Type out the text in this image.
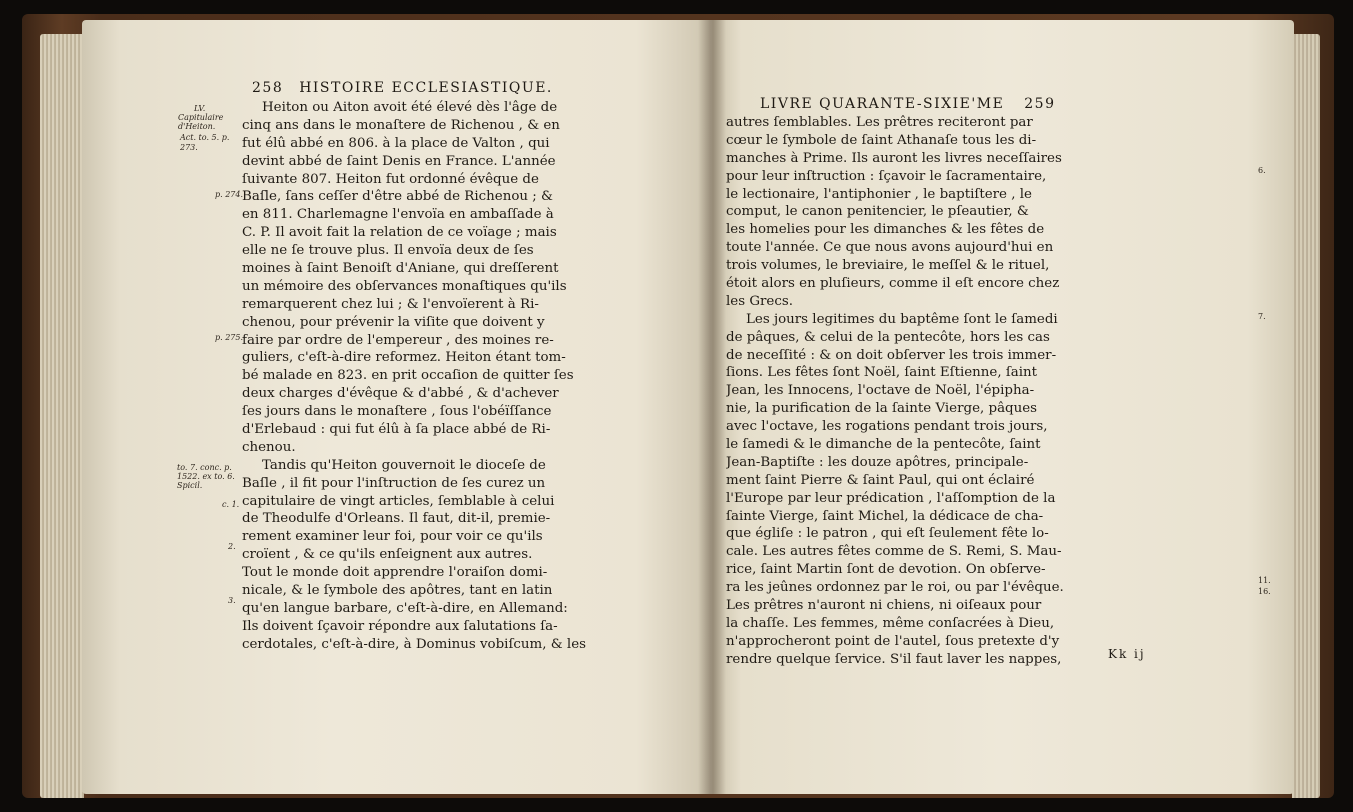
258 HISTOIRE ECCLESIASTIQUE.
LV.
Capitulaire
d'Heiton.
Act. to. 5. p.
273.
p. 274.
p. 275.
to. 7. conc. p.
1522. ex to. 6.
Spicil.
c. 1.
2.
3.
Heiton ou Aiton avoit été élevé dès l'âge de
cinq ans dans le monaſtere de Richenou , & en
fut élû abbé en 806. à la place de Valton , qui
devint abbé de ſaint Denis en France. L'année
ſuivante 807. Heiton fut ordonné évêque de
Baſle, ſans ceſſer d'être abbé de Richenou ; &
en 811. Charlemagne l'envoïa en ambaſſade à
C. P. Il avoit fait la relation de ce voïage ; mais
elle ne ſe trouve plus. Il envoïa deux de ſes
moines à ſaint Benoiſt d'Aniane, qui dreſſerent
un mémoire des obſervances monaſtiques qu'ils
remarquerent chez lui ; & l'envoïerent à Ri-
chenou, pour prévenir la viſite que doivent y
faire par ordre de l'empereur , des moines re-
guliers, c'eſt-à-dire reformez. Heiton étant tom-
bé malade en 823. en prit occaſion de quitter ſes
deux charges d'évêque & d'abbé , & d'achever
ſes jours dans le monaſtere , ſous l'obéïſſance
d'Erlebaud : qui fut élû à ſa place abbé de Ri-
chenou.
Tandis qu'Heiton gouvernoit le dioceſe de
Baſle , il fit pour l'inſtruction de ſes curez un
capitulaire de vingt articles, ſemblable à celui
de Theodulfe d'Orleans. Il faut, dit-il, premie-
rement examiner leur foi, pour voir ce qu'ils
croïent , & ce qu'ils enſeignent aux autres.
Tout le monde doit apprendre l'oraiſon domi-
nicale, & le ſymbole des apôtres, tant en latin
qu'en langue barbare, c'eſt-à-dire, en Allemand:
Ils doivent ſçavoir répondre aux ſalutations ſa-
cerdotales, c'eſt-à-dire, à Dominus vobiſcum, & les
LIVRE QUARANTE-SIXIE'ME 259
autres ſemblables. Les prêtres reciteront par
cœur le ſymbole de ſaint Athanaſe tous les di-
manches à Prime. Ils auront les livres neceſſaires
pour leur inſtruction : ſçavoir le ſacramentaire,
le lectionaire, l'antiphonier , le baptiſtere , le
comput, le canon penitencier, le pſeautier, &
les homelies pour les dimanches & les fêtes de
toute l'année. Ce que nous avons aujourd'hui en
trois volumes, le breviaire, le meſſel & le rituel,
étoit alors en pluſieurs, comme il eſt encore chez
les Grecs.
Les jours legitimes du baptême ſont le ſamedi
de pâques, & celui de la pentecôte, hors les cas
de neceſſité : & on doit obſerver les trois immer-
ſions. Les fêtes ſont Noël, ſaint Eſtienne, ſaint
Jean, les Innocens, l'octave de Noël, l'épipha-
nie, la purification de la ſainte Vierge, pâques
avec l'octave, les rogations pendant trois jours,
le ſamedi & le dimanche de la pentecôte, ſaint
Jean-Baptiſte : les douze apôtres, principale-
ment ſaint Pierre & ſaint Paul, qui ont éclairé
l'Europe par leur prédication , l'aſſomption de la
ſainte Vierge, ſaint Michel, la dédicace de cha-
que égliſe : le patron , qui eſt ſeulement fête lo-
cale. Les autres fêtes comme de S. Remi, S. Mau-
rice, ſaint Martin ſont de devotion. On obſerve-
ra les jeûnes ordonnez par le roi, ou par l'évêque.
Les prêtres n'auront ni chiens, ni oiſeaux pour
la chaſſe. Les femmes, même conſacrées à Dieu,
n'approcheront point de l'autel, ſous pretexte d'y
rendre quelque ſervice. S'il faut laver les nappes,
6.
7.
11.
16.
Kk ij
